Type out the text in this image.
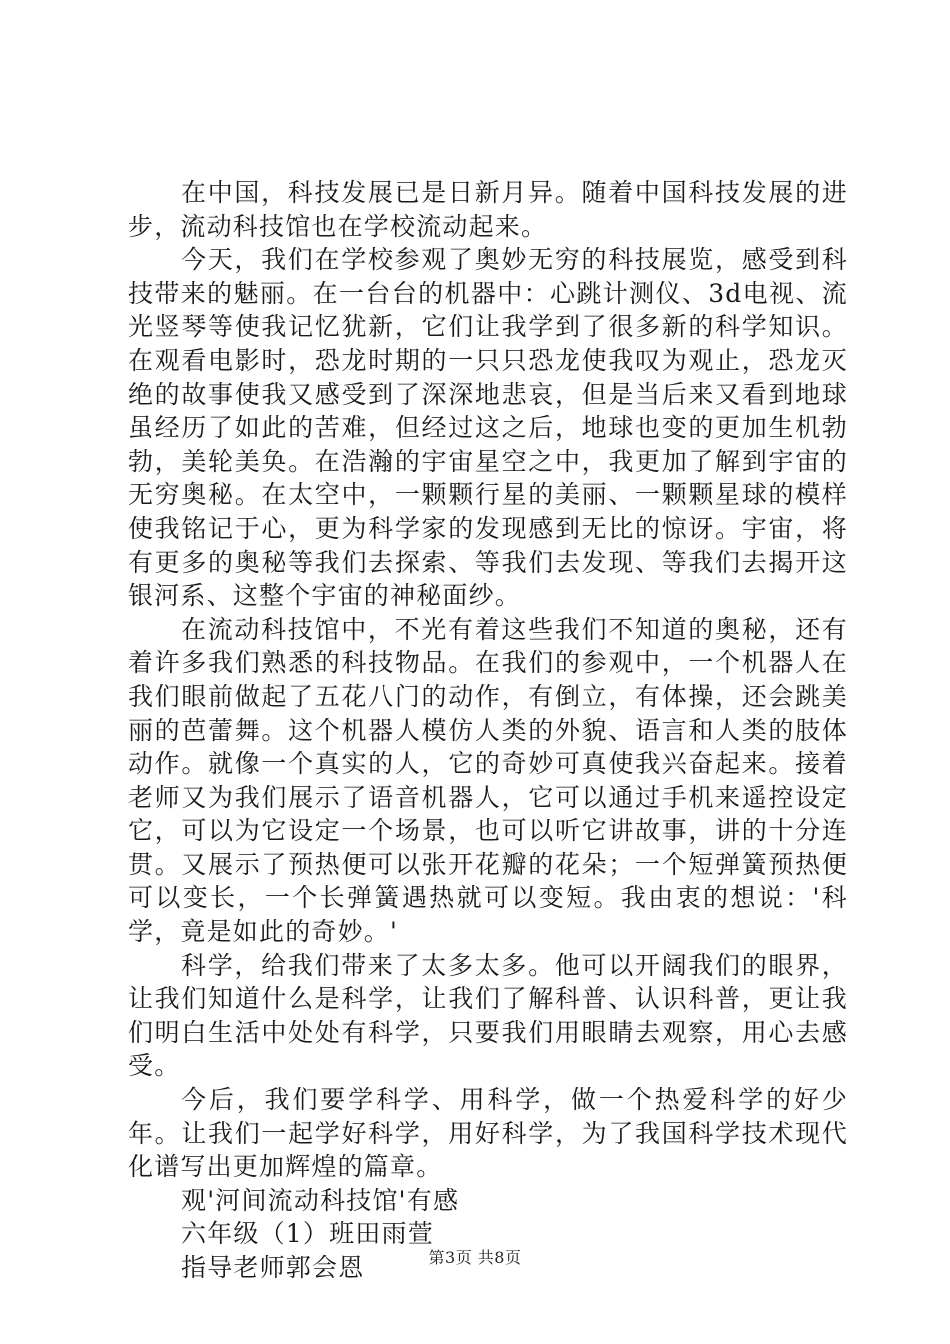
在中国，科技发展已是日新月异。随着中国科技发展的进步，流动科技馆也在学校流动起来。

今天，我们在学校参观了奥妙无穷的科技展览，感受到科技带来的魅丽。在一台台的机器中：心跳计测仪、3d电视、流光竖琴等使我记忆犹新，它们让我学到了很多新的科学知识。在观看电影时，恐龙时期的一只只恐龙使我叹为观止，恐龙灭绝的故事使我又感受到了深深地悲哀，但是当后来又看到地球虽经历了如此的苦难，但经过这之后，地球也变的更加生机勃勃，美轮美奂。在浩瀚的宇宙星空之中，我更加了解到宇宙的无穷奥秘。在太空中，一颗颗行星的美丽、一颗颗星球的模样使我铭记于心，更为科学家的发现感到无比的惊讶。宇宙，将有更多的奥秘等我们去探索、等我们去发现、等我们去揭开这银河系、这整个宇宙的神秘面纱。

在流动科技馆中，不光有着这些我们不知道的奥秘，还有着许多我们熟悉的科技物品。在我们的参观中，一个机器人在我们眼前做起了五花八门的动作，有倒立，有体操，还会跳美丽的芭蕾舞。这个机器人模仿人类的外貌、语言和人类的肢体动作。就像一个真实的人，它的奇妙可真使我兴奋起来。接着老师又为我们展示了语音机器人，它可以通过手机来遥控设定它，可以为它设定一个场景，也可以听它讲故事，讲的十分连贯。又展示了预热便可以张开花瓣的花朵；一个短弹簧预热便可以变长，一个长弹簧遇热就可以变短。我由衷的想说：'科学，竟是如此的奇妙。'

科学，给我们带来了太多太多。他可以开阔我们的眼界，让我们知道什么是科学，让我们了解科普、认识科普，更让我们明白生活中处处有科学，只要我们用眼睛去观察，用心去感受。

今后，我们要学科学、用科学，做一个热爱科学的好少年。让我们一起学好科学，用好科学，为了我国科学技术现代化谱写出更加辉煌的篇章。

观'河间流动科技馆'有感

六年级（1）班田雨萱

指导老师郭会恩	第3页 共8页
